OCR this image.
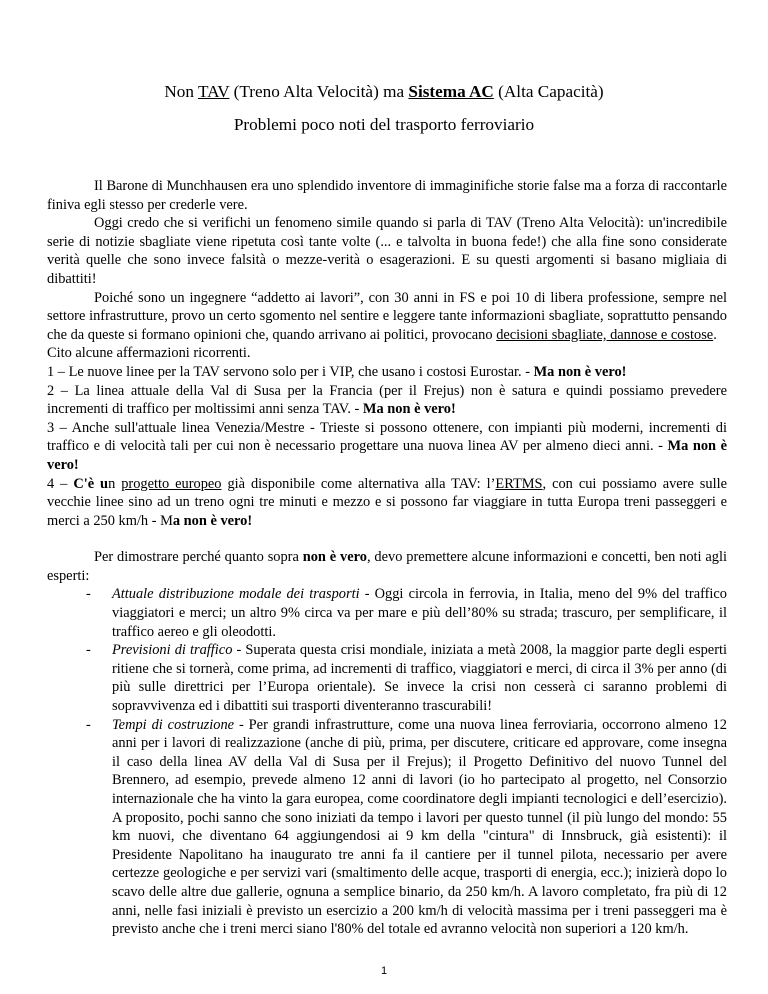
Non TAV (Treno Alta Velocità) ma Sistema AC (Alta Capacità)
Problemi poco noti del trasporto ferroviario

Il Barone di Munchhausen era uno splendido inventore di immaginifiche storie false ma a forza di raccontarle finiva egli stesso per crederle vere.

Oggi credo che si verifichi un fenomeno simile quando si parla di TAV (Treno Alta Velocità): un'incredibile serie di notizie sbagliate viene ripetuta così tante volte (... e talvolta in buona fede!) che alla fine sono considerate verità quelle che sono invece falsità o mezze-verità o esagerazioni. E su questi argomenti si basano migliaia di dibattiti!

Poiché sono un ingegnere “addetto ai lavori”, con 30 anni in FS e poi 10 di libera professione, sempre nel settore infrastrutture, provo un certo sgomento nel sentire e leggere tante informazioni sbagliate, soprattutto pensando che da queste si formano opinioni che, quando arrivano ai politici, provocano decisioni sbagliate, dannose e costose.

Cito alcune affermazioni ricorrenti.

1 – Le nuove linee per la TAV servono solo per i VIP, che usano i costosi Eurostar. - Ma non è vero!

2 – La linea attuale della Val di Susa per la Francia (per il Frejus) non è satura e quindi possiamo prevedere incrementi di traffico per moltissimi anni senza TAV. - Ma non è vero!

3 – Anche sull'attuale linea Venezia/Mestre - Trieste si possono ottenere, con impianti più moderni, incrementi di traffico e di velocità tali per cui non è necessario progettare una nuova linea AV per almeno dieci anni. - Ma non è vero!

4 – C'è un progetto europeo già disponibile come alternativa alla TAV: l’ERTMS, con cui possiamo avere sulle vecchie linee sino ad un treno ogni tre minuti e mezzo e si possono far viaggiare in tutta Europa treni passeggeri e merci a 250 km/h - Ma non è vero!

Per dimostrare perché quanto sopra non è vero, devo premettere alcune informazioni e concetti, ben noti agli esperti:

- Attuale distribuzione modale dei trasporti - Oggi circola in ferrovia, in Italia, meno del 9% del traffico viaggiatori e merci; un altro 9% circa va per mare e più dell’80% su strada; trascuro, per semplificare, il traffico aereo e gli oleodotti.
- Previsioni di traffico - Superata questa crisi mondiale, iniziata a metà 2008, la maggior parte degli esperti ritiene che si tornerà, come prima, ad incrementi di traffico, viaggiatori e merci, di circa il 3% per anno (di più sulle direttrici per l’Europa orientale). Se invece la crisi non cesserà ci saranno problemi di sopravvivenza ed i dibattiti sui trasporti diventeranno trascurabili!
- Tempi di costruzione - Per grandi infrastrutture, come una nuova linea ferroviaria, occorrono almeno 12 anni per i lavori di realizzazione (anche di più, prima, per discutere, criticare ed approvare, come insegna il caso della linea AV della Val di Susa per il Frejus); il Progetto Definitivo del nuovo Tunnel del Brennero, ad esempio, prevede almeno 12 anni di lavori (io ho partecipato al progetto, nel Consorzio internazionale che ha vinto la gara europea, come coordinatore degli impianti tecnologici e dell’esercizio). A proposito, pochi sanno che sono iniziati da tempo i lavori per questo tunnel (il più lungo del mondo: 55 km nuovi, che diventano 64 aggiungendosi ai 9 km della "cintura" di Innsbruck, già esistenti): il Presidente Napolitano ha inaugurato tre anni fa il cantiere per il tunnel pilota, necessario per avere certezze geologiche e per servizi vari (smaltimento delle acque, trasporti di energia, ecc.); inizierà dopo lo scavo delle altre due gallerie, ognuna a semplice binario, da 250 km/h. A lavoro completato, fra più di 12 anni, nelle fasi iniziali è previsto un esercizio a 200 km/h di velocità massima per i treni passeggeri ma è previsto anche che i treni merci siano l'80% del totale ed avranno velocità non superiori a 120 km/h.
1
